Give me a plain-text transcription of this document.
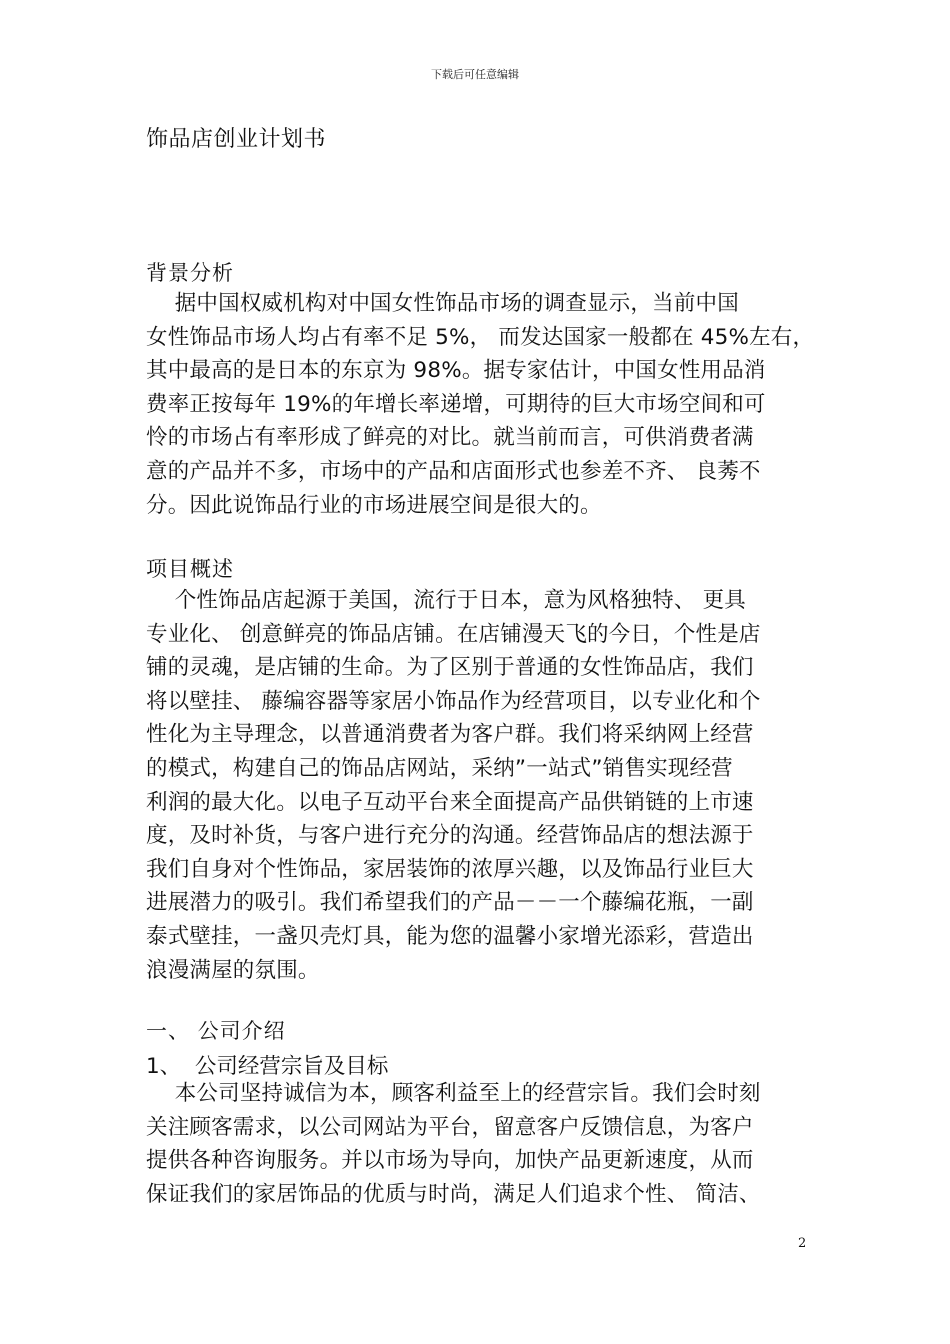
下载后可任意编辑
饰品店创业计划书
背景分析
　 据中国权威机构对中国女性饰品市场的调查显示，当前中国
女性饰品市场人均占有率不足 5%， 而发达国家一般都在 45%左右，
其中最高的是日本的东京为 98%。据专家估计，中国女性用品消
费率正按每年 19%的年增长率递增，可期待的巨大市场空间和可
怜的市场占有率形成了鲜亮的对比。就当前而言，可供消费者满
意的产品并不多，市场中的产品和店面形式也参差不齐、 良莠不
分。因此说饰品行业的市场进展空间是很大的。
项目概述
　 个性饰品店起源于美国，流行于日本，意为风格独特、 更具
专业化、 创意鲜亮的饰品店铺。在店铺漫天飞的今日，个性是店
铺的灵魂，是店铺的生命。为了区别于普通的女性饰品店，我们
将以壁挂、 藤编容器等家居小饰品作为经营项目，以专业化和个
性化为主导理念，以普通消费者为客户群。我们将采纳网上经营
的模式，构建自己的饰品店网站，采纳”一站式”销售实现经营
利润的最大化。以电子互动平台来全面提高产品供销链的上市速
度，及时补货，与客户进行充分的沟通。经营饰品店的想法源于
我们自身对个性饰品，家居装饰的浓厚兴趣，以及饰品行业巨大
进展潜力的吸引。我们希望我们的产品－－一个藤编花瓶，一副
泰式壁挂，一盏贝壳灯具，能为您的温馨小家增光添彩，营造出
浪漫满屋的氛围。
一、 公司介绍
1、  公司经营宗旨及目标
　 本公司坚持诚信为本，顾客利益至上的经营宗旨。我们会时刻
关注顾客需求，以公司网站为平台，留意客户反馈信息，为客户
提供各种咨询服务。并以市场为导向，加快产品更新速度，从而
保证我们的家居饰品的优质与时尚，满足人们追求个性、 简洁、
2
